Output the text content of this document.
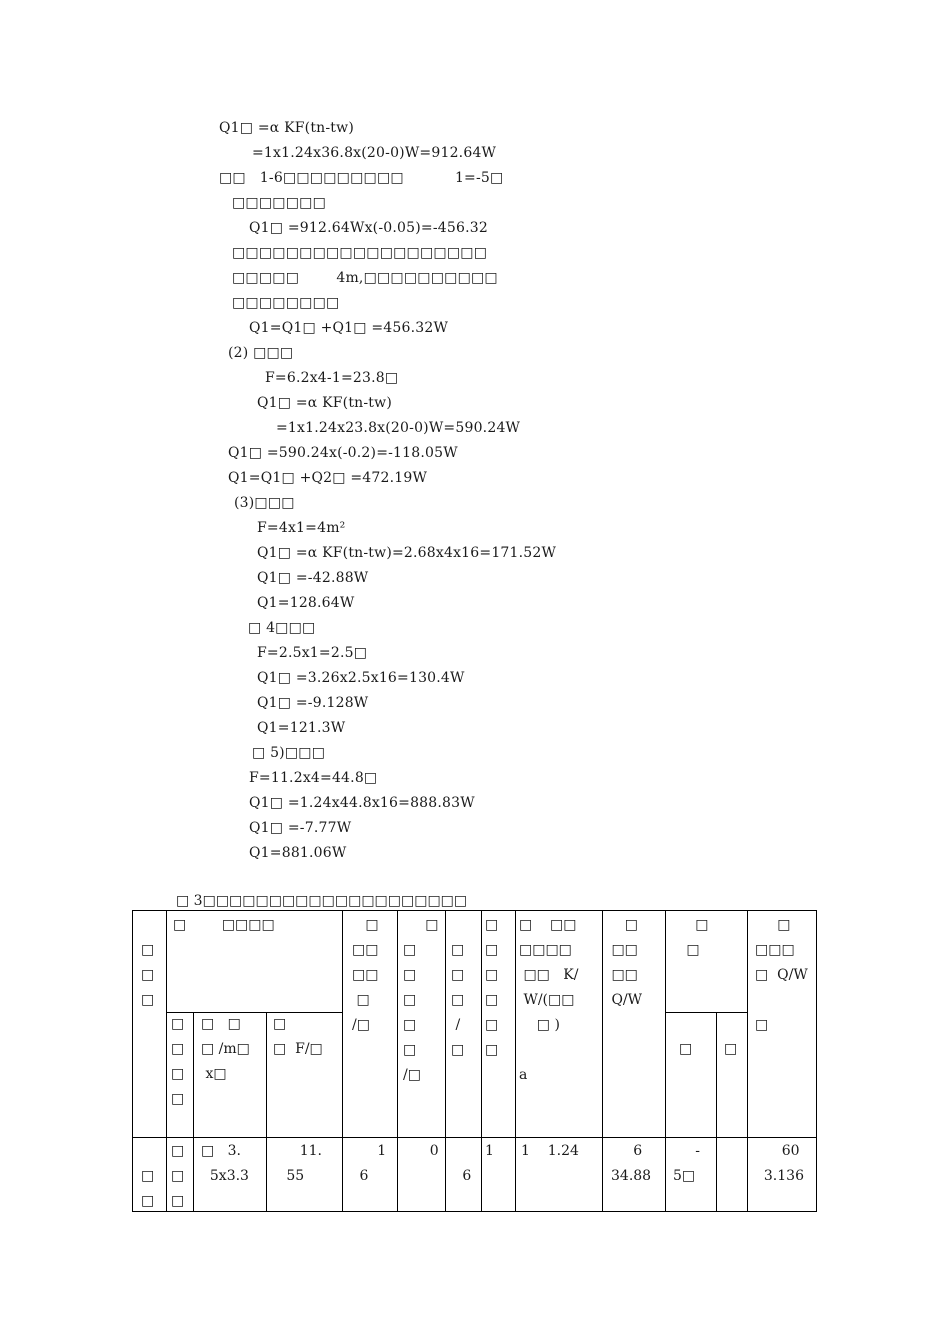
Q1□ =α KF(tn-tw)
=1x1.24x36.8x(20-0)W=912.64W
□□   1-6□□□□□□□□□           1=-5□
□□□□□□□
Q1□ =912.64Wx(-0.05)=-456.32
□□□□□□□□□□□□□□□□□□□
□□□□□        4m,□□□□□□□□□□
□□□□□□□□
Q1=Q1□ +Q1□ =456.32W
(2) □□□
F=6.2x4-1=23.8□
Q1□ =α KF(tn-tw)
=1x1.24x23.8x(20-0)W=590.24W
Q1□ =590.24x(-0.2)=-118.05W
Q1=Q1□ +Q2□ =472.19W
(3)□□□
F=4x1=4m²
Q1□ =α KF(tn-tw)=2.68x4x16=171.52W
Q1□ =-42.88W
Q1=128.64W
□ 4□□□
F=2.5x1=2.5□
Q1□ =3.26x2.5x16=130.4W
Q1□ =-9.128W
Q1=121.3W
□ 5)□□□
F=11.2x4=44.8□
Q1□ =1.24x44.8x16=888.83W
Q1□ =-7.77W
Q1=881.06W
□ 3□□□□□□□□□□□□□□□□□□□□
□
□
□
□        □□□□
□
□
□
□
□   □
□ /m□
x□
□
□  F/□
□
□□
□□
□
/□
□
□
□
□
□
□
/□

□
□
□
/
□
□
□
□
□
□
□
□    □□
□□□□
□□   K/
W/(□□
□ )

a
□
□□
□□
Q/W
□
□
□ □
□
□□□
□  Q/W

□

□
□
□
□
□
□   3.
5x3.3
11.
55
1
6
0

6
1 1    1.24	6
34.88
-
5□
60
3.136
